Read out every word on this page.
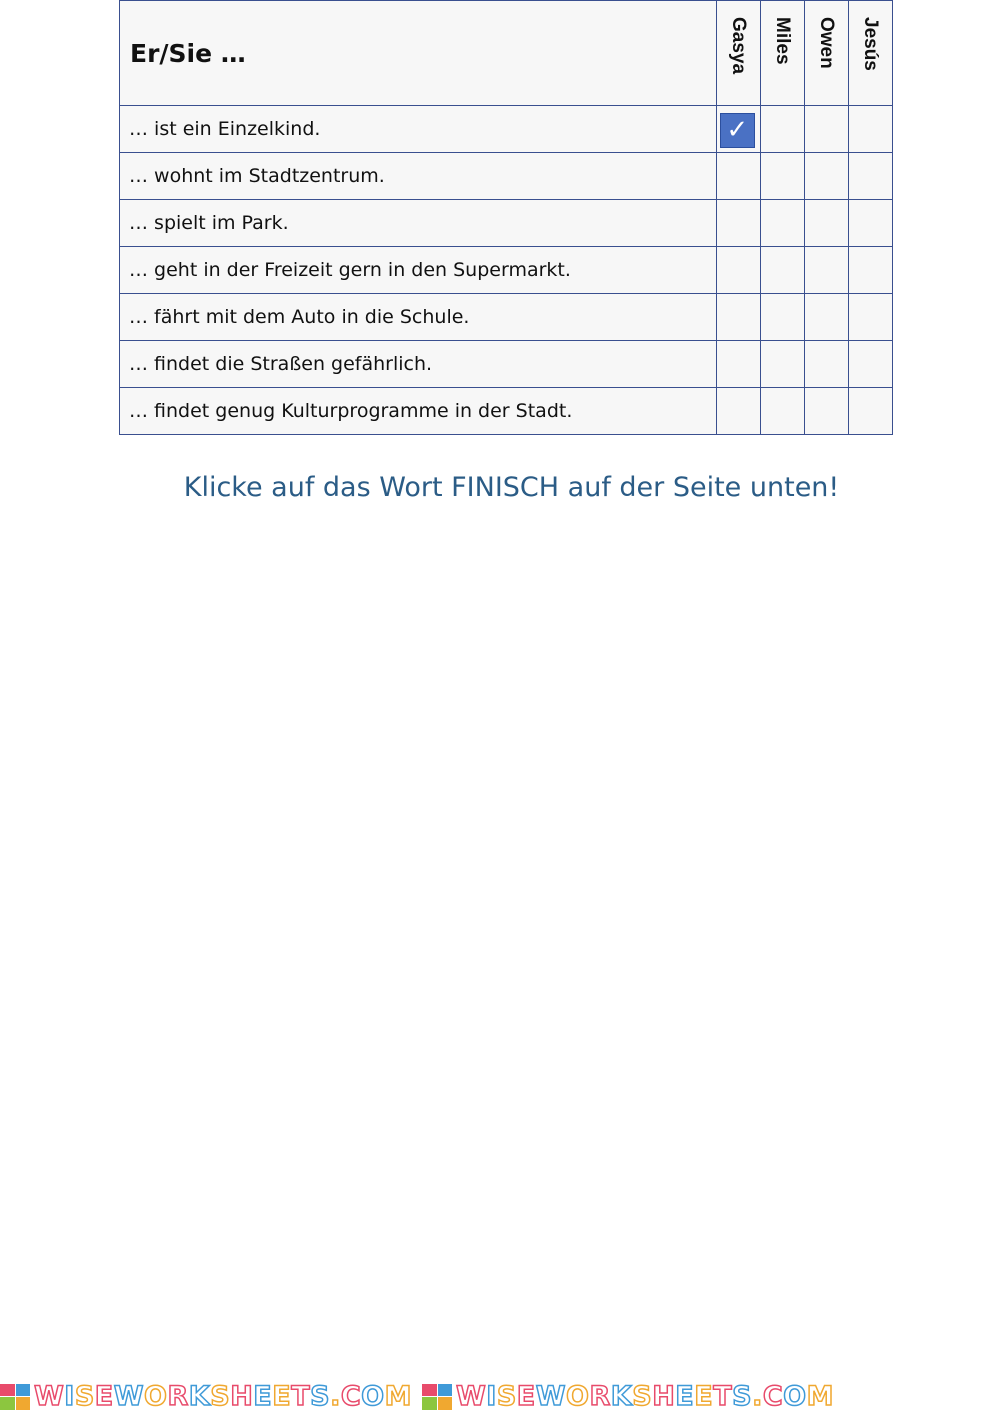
Er/Sie …	Gasya	Miles	Owen	Jesús

… ist ein Einzelkind.	✓			

… wohnt im Stadtzentrum.				
… spielt im Park.				
… geht in der Freizeit gern in den Supermarkt.				
… fährt mit dem Auto in die Schule.				
… findet die Straßen gefährlich.				
… findet genug Kulturprogramme in der Stadt.				
Klicke auf das Wort FINISCH auf der Seite unten!
WISEWORKSHEETS.COM WISEWORKSHEETS.COM
